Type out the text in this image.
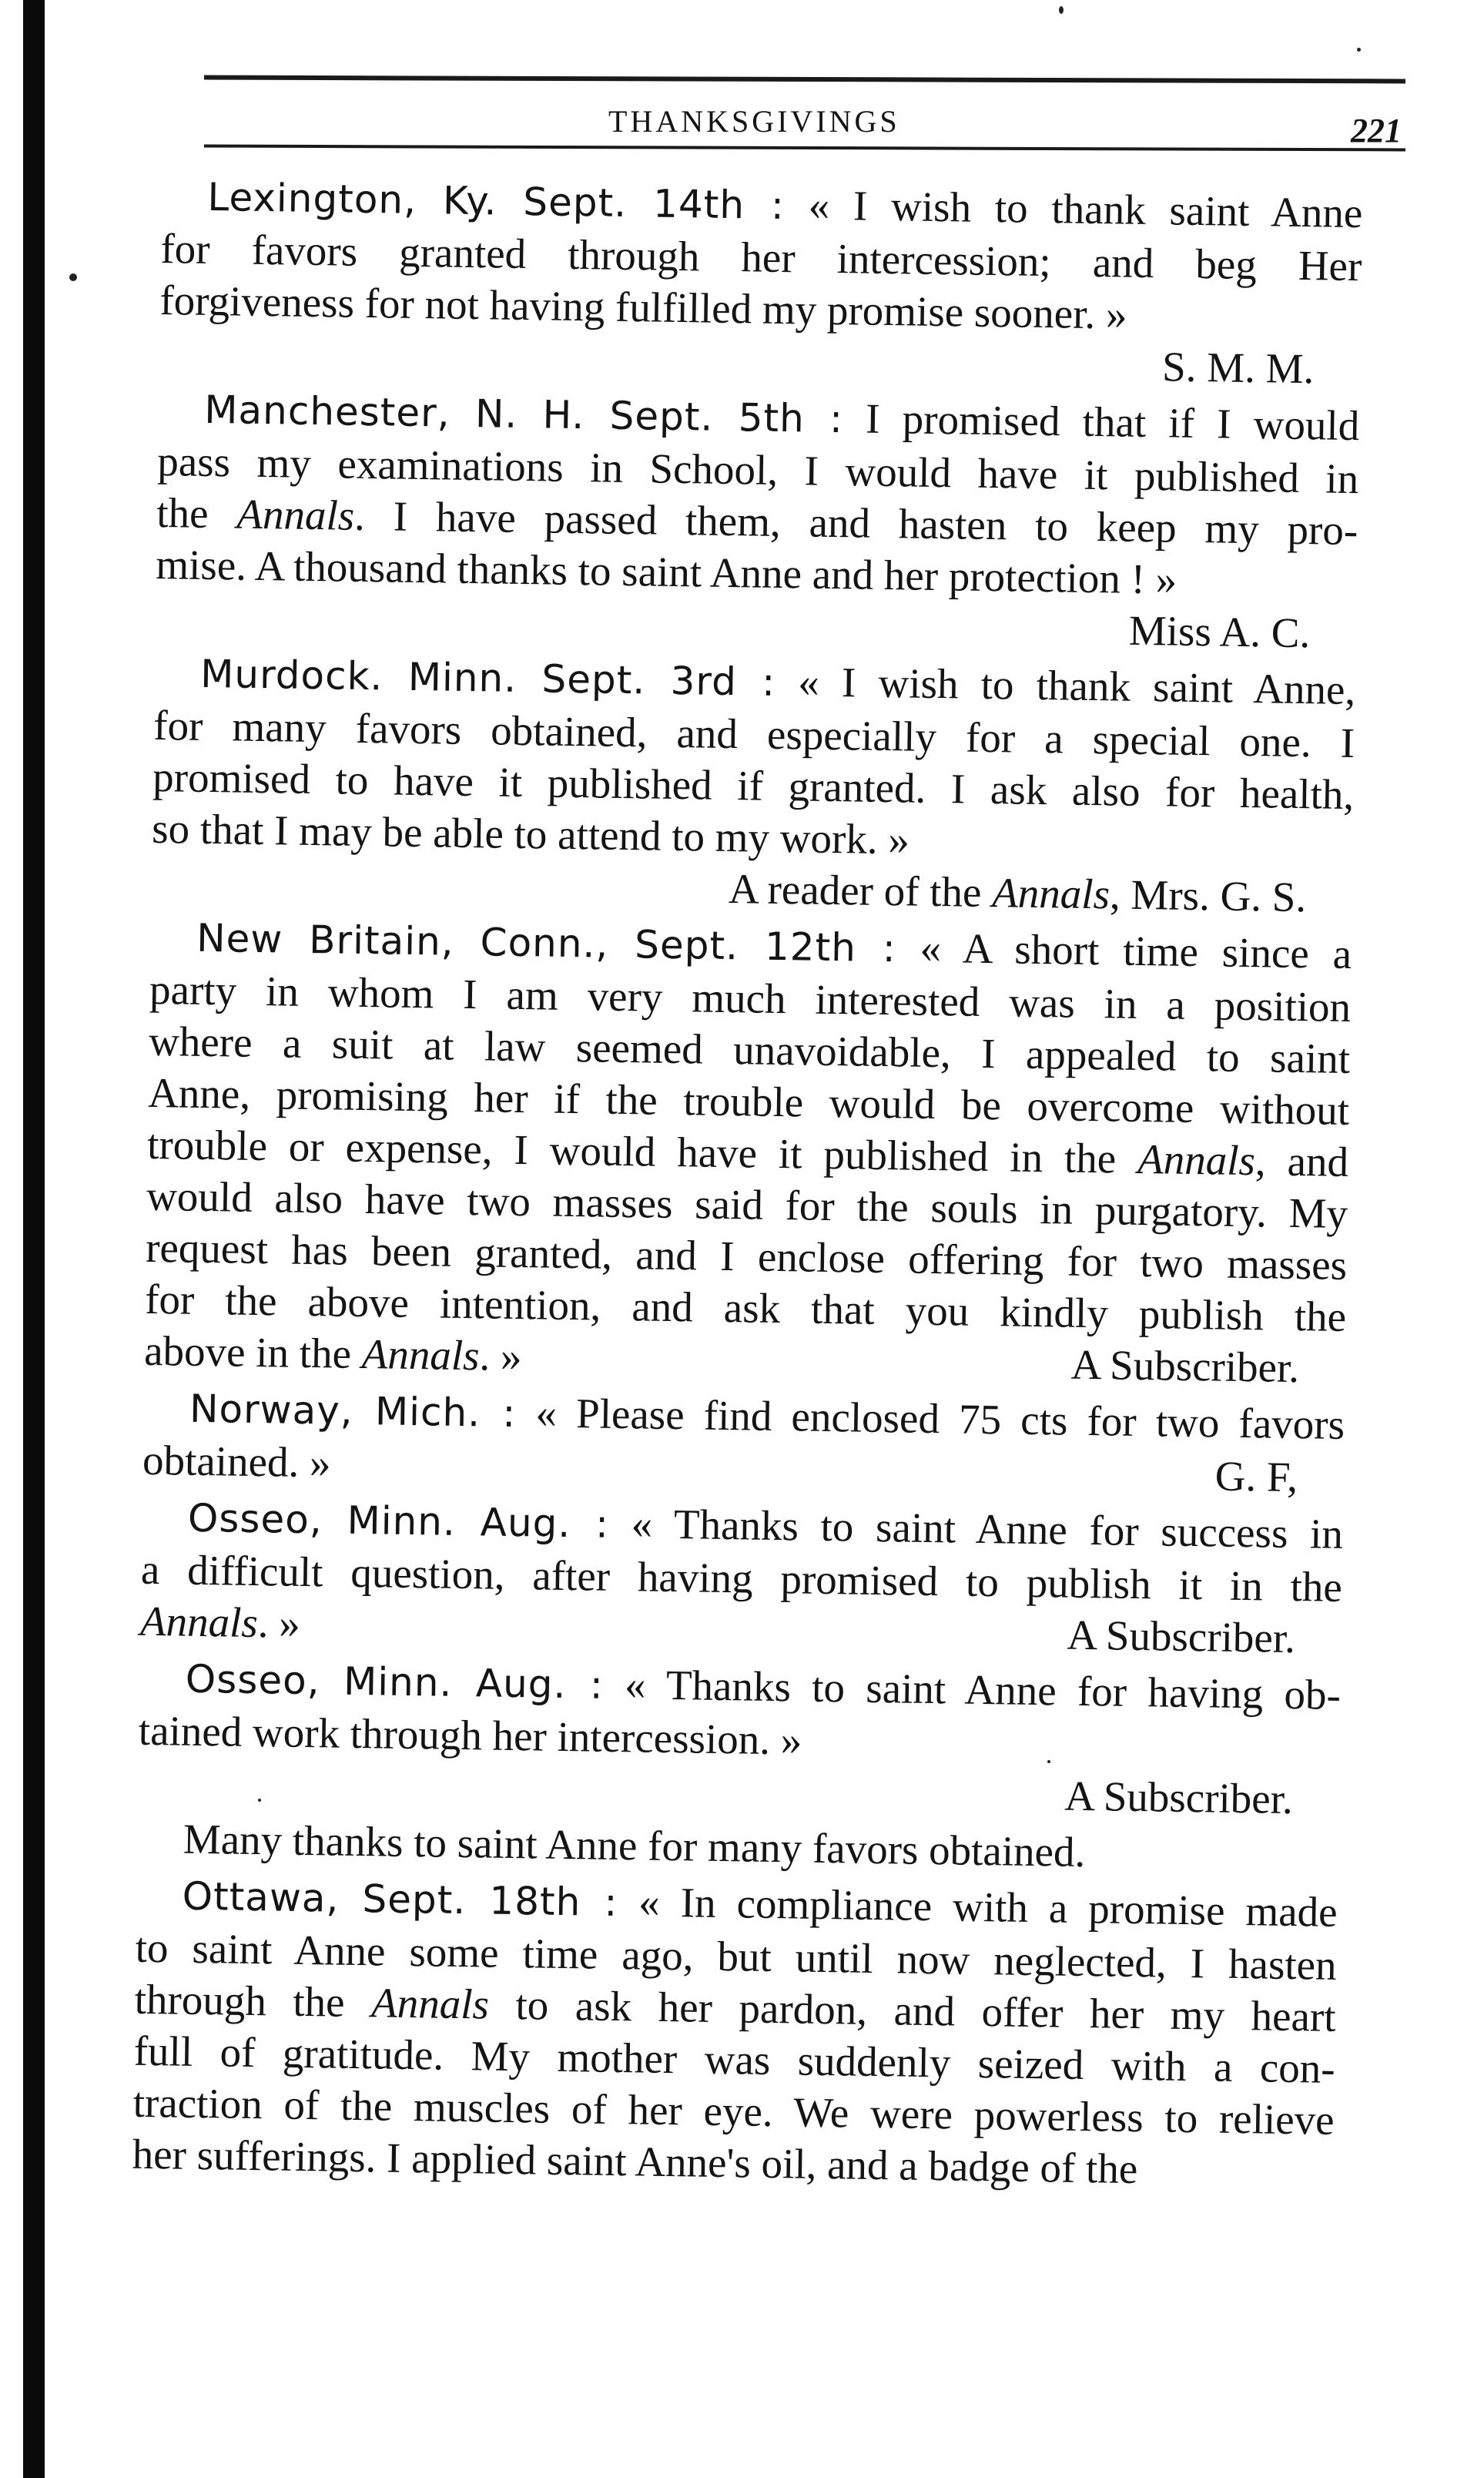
THANKSGIVINGS	221
Lexington, Ky. Sept. 14th : « I wish to thank saint Anne
for favors granted through her intercession; and beg Her
forgiveness for not having fulfilled my promise sooner. »
S. M. M.
Manchester, N. H. Sept. 5th : I promised that if I would
pass my examinations in School, I would have it published in
the Annals. I have passed them, and hasten to keep my pro-
mise. A thousand thanks to saint Anne and her protection ! »
Miss A. C.
Murdock. Minn. Sept. 3rd : « I wish to thank saint Anne,
for many favors obtained, and especially for a special one. I
promised to have it published if granted. I ask also for health,
so that I may be able to attend to my work. »
A reader of the Annals, Mrs. G. S.
New Britain, Conn., Sept. 12th : « A short time since a
party in whom I am very much interested was in a position
where a suit at law seemed unavoidable, I appealed to saint
Anne, promising her if the trouble would be overcome without
trouble or expense, I would have it published in the Annals, and
would also have two masses said for the souls in purgatory. My
request has been granted, and I enclose offering for two masses
for the above intention, and ask that you kindly publish the
above in the Annals. »	A Subscriber.
Norway, Mich. : « Please find enclosed 75 cts for two favors
obtained. »	G. F,
Osseo, Minn. Aug. : « Thanks to saint Anne for success in
a difficult question, after having promised to publish it in the
Annals. »	A Subscriber.
Osseo, Minn. Aug. : « Thanks to saint Anne for having ob-
tained work through her intercession. »
A Subscriber.
Many thanks to saint Anne for many favors obtained.
Ottawa, Sept. 18th : « In compliance with a promise made
to saint Anne some time ago, but until now neglected, I hasten
through the Annals to ask her pardon, and offer her my heart
full of gratitude. My mother was suddenly seized with a con-
traction of the muscles of her eye. We were powerless to relieve
her sufferings. I applied saint Anne's oil, and a badge of the
